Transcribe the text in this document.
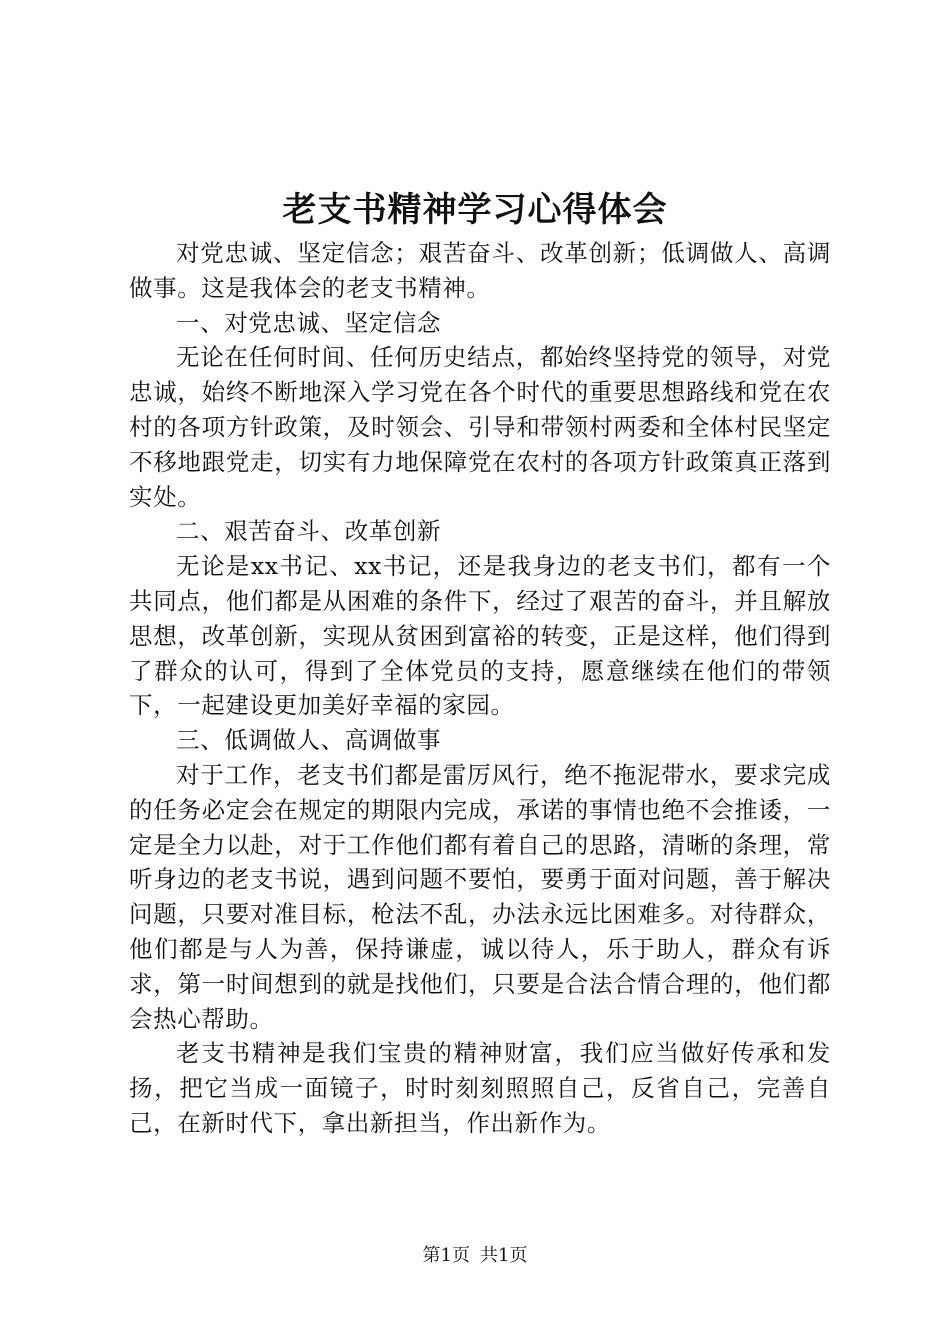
老支书精神学习心得体会

对党忠诚、坚定信念；艰苦奋斗、改革创新；低调做人、高调做事。这是我体会的老支书精神。

一、对党忠诚、坚定信念

无论在任何时间、任何历史结点，都始终坚持党的领导，对党忠诚，始终不断地深入学习党在各个时代的重要思想路线和党在农村的各项方针政策，及时领会、引导和带领村两委和全体村民坚定不移地跟党走，切实有力地保障党在农村的各项方针政策真正落到实处。

二、艰苦奋斗、改革创新

无论是xx书记、xx书记，还是我身边的老支书们，都有一个共同点，他们都是从困难的条件下，经过了艰苦的奋斗，并且解放思想，改革创新，实现从贫困到富裕的转变，正是这样，他们得到了群众的认可，得到了全体党员的支持，愿意继续在他们的带领下，一起建设更加美好幸福的家园。

三、低调做人、高调做事

对于工作，老支书们都是雷厉风行，绝不拖泥带水，要求完成的任务必定会在规定的期限内完成，承诺的事情也绝不会推诿，一定是全力以赴，对于工作他们都有着自己的思路，清晰的条理，常听身边的老支书说，遇到问题不要怕，要勇于面对问题，善于解决问题，只要对准目标，枪法不乱，办法永远比困难多。对待群众，他们都是与人为善，保持谦虚，诚以待人，乐于助人，群众有诉求，第一时间想到的就是找他们，只要是合法合情合理的，他们都会热心帮助。

老支书精神是我们宝贵的精神财富，我们应当做好传承和发扬，把它当成一面镜子，时时刻刻照照自己，反省自己，完善自己，在新时代下，拿出新担当，作出新作为。

第1页 共1页
